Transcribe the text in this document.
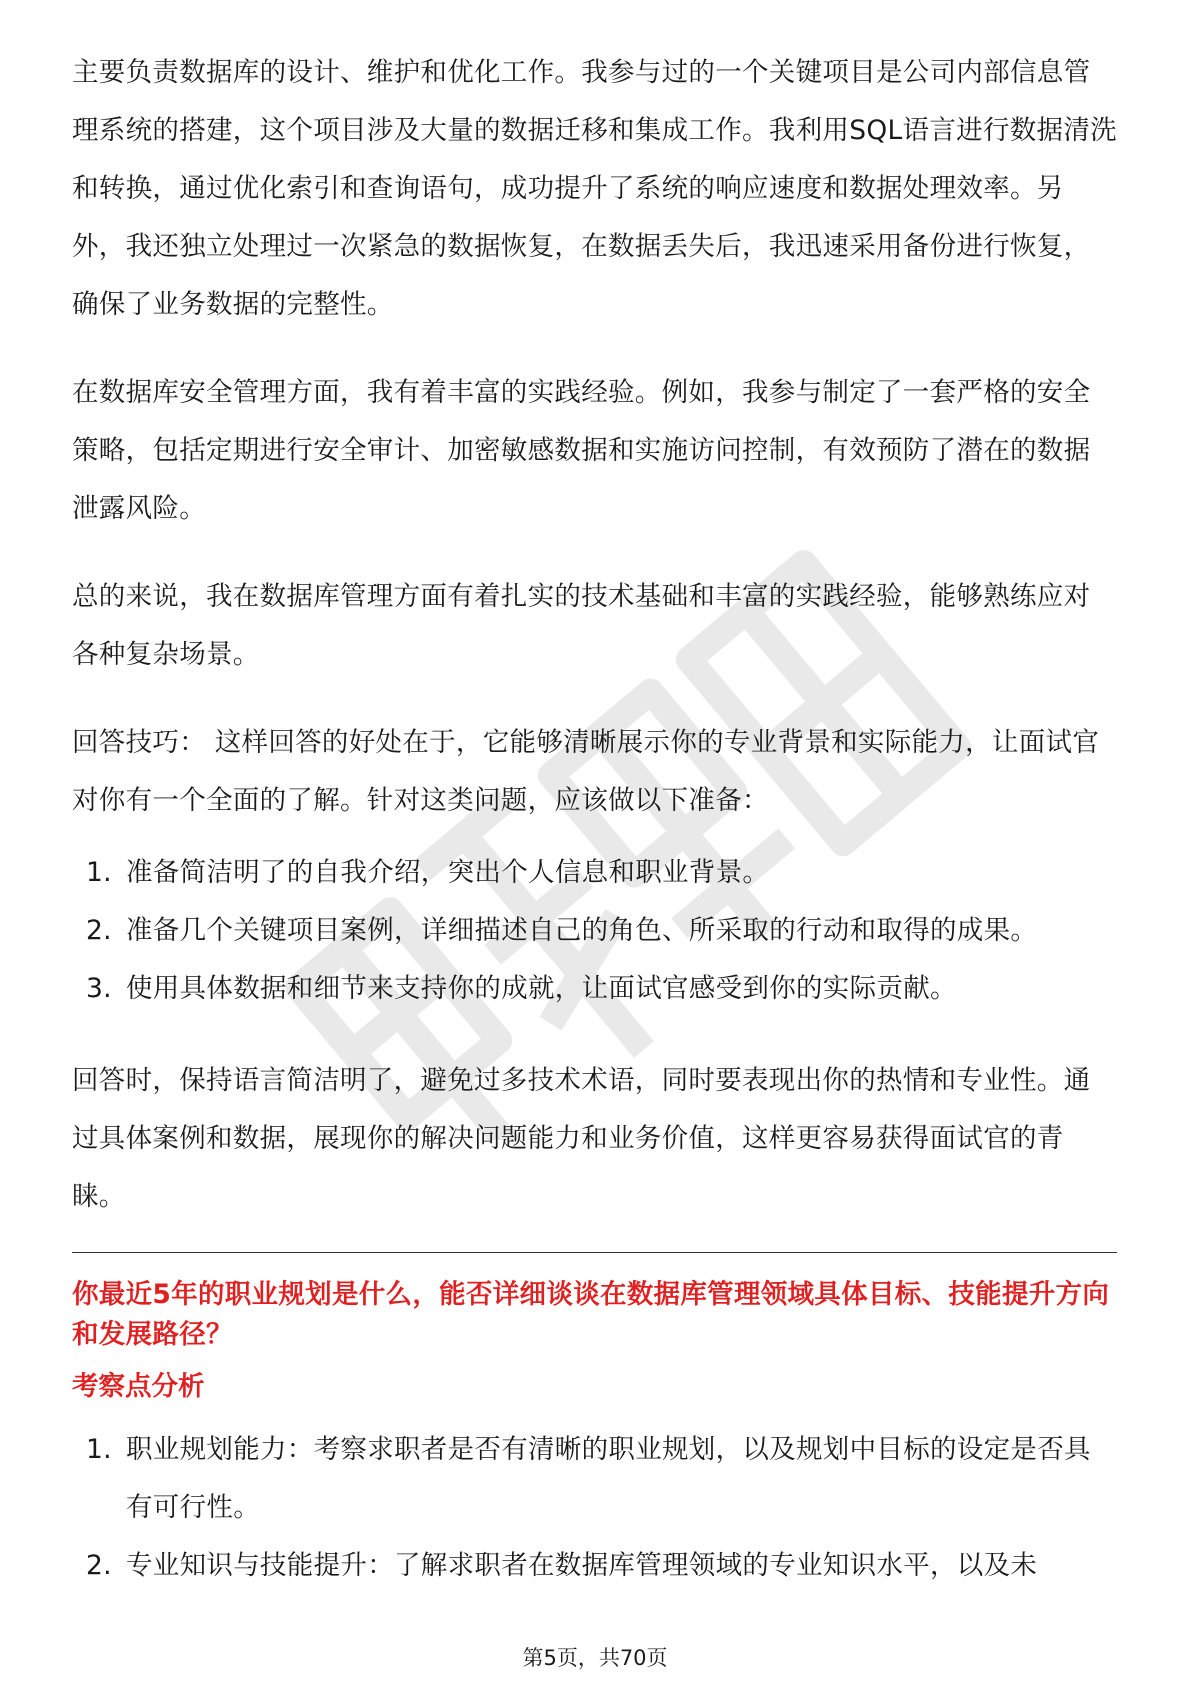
主要负责数据库的设计、维护和优化工作。我参与过的一个关键项目是公司内部信息管理系统的搭建，这个项目涉及大量的数据迁移和集成工作。我利用SQL语言进行数据清洗和转换，通过优化索引和查询语句，成功提升了系统的响应速度和数据处理效率。另外，我还独立处理过一次紧急的数据恢复，在数据丢失后，我迅速采用备份进行恢复，确保了业务数据的完整性。

在数据库安全管理方面，我有着丰富的实践经验。例如，我参与制定了一套严格的安全策略，包括定期进行安全审计、加密敏感数据和实施访问控制，有效预防了潜在的数据泄露风险。

总的来说，我在数据库管理方面有着扎实的技术基础和丰富的实践经验，能够熟练应对各种复杂场景。

回答技巧： 这样回答的好处在于，它能够清晰展示你的专业背景和实际能力，让面试官对你有一个全面的了解。针对这类问题，应该做以下准备：

1. 准备简洁明了的自我介绍，突出个人信息和职业背景。
2. 准备几个关键项目案例，详细描述自己的角色、所采取的行动和取得的成果。
3. 使用具体数据和细节来支持你的成就，让面试官感受到你的实际贡献。

回答时，保持语言简洁明了，避免过多技术术语，同时要表现出你的热情和专业性。通过具体案例和数据，展现你的解决问题能力和业务价值，这样更容易获得面试官的青睐。

你最近5年的职业规划是什么，能否详细谈谈在数据库管理领域具体目标、技能提升方向和发展路径？
考察点分析
1. 职业规划能力：考察求职者是否有清晰的职业规划，以及规划中目标的设定是否具有可行性。
2. 专业知识与技能提升：了解求职者在数据库管理领域的专业知识水平，以及未
第5页，共70页
